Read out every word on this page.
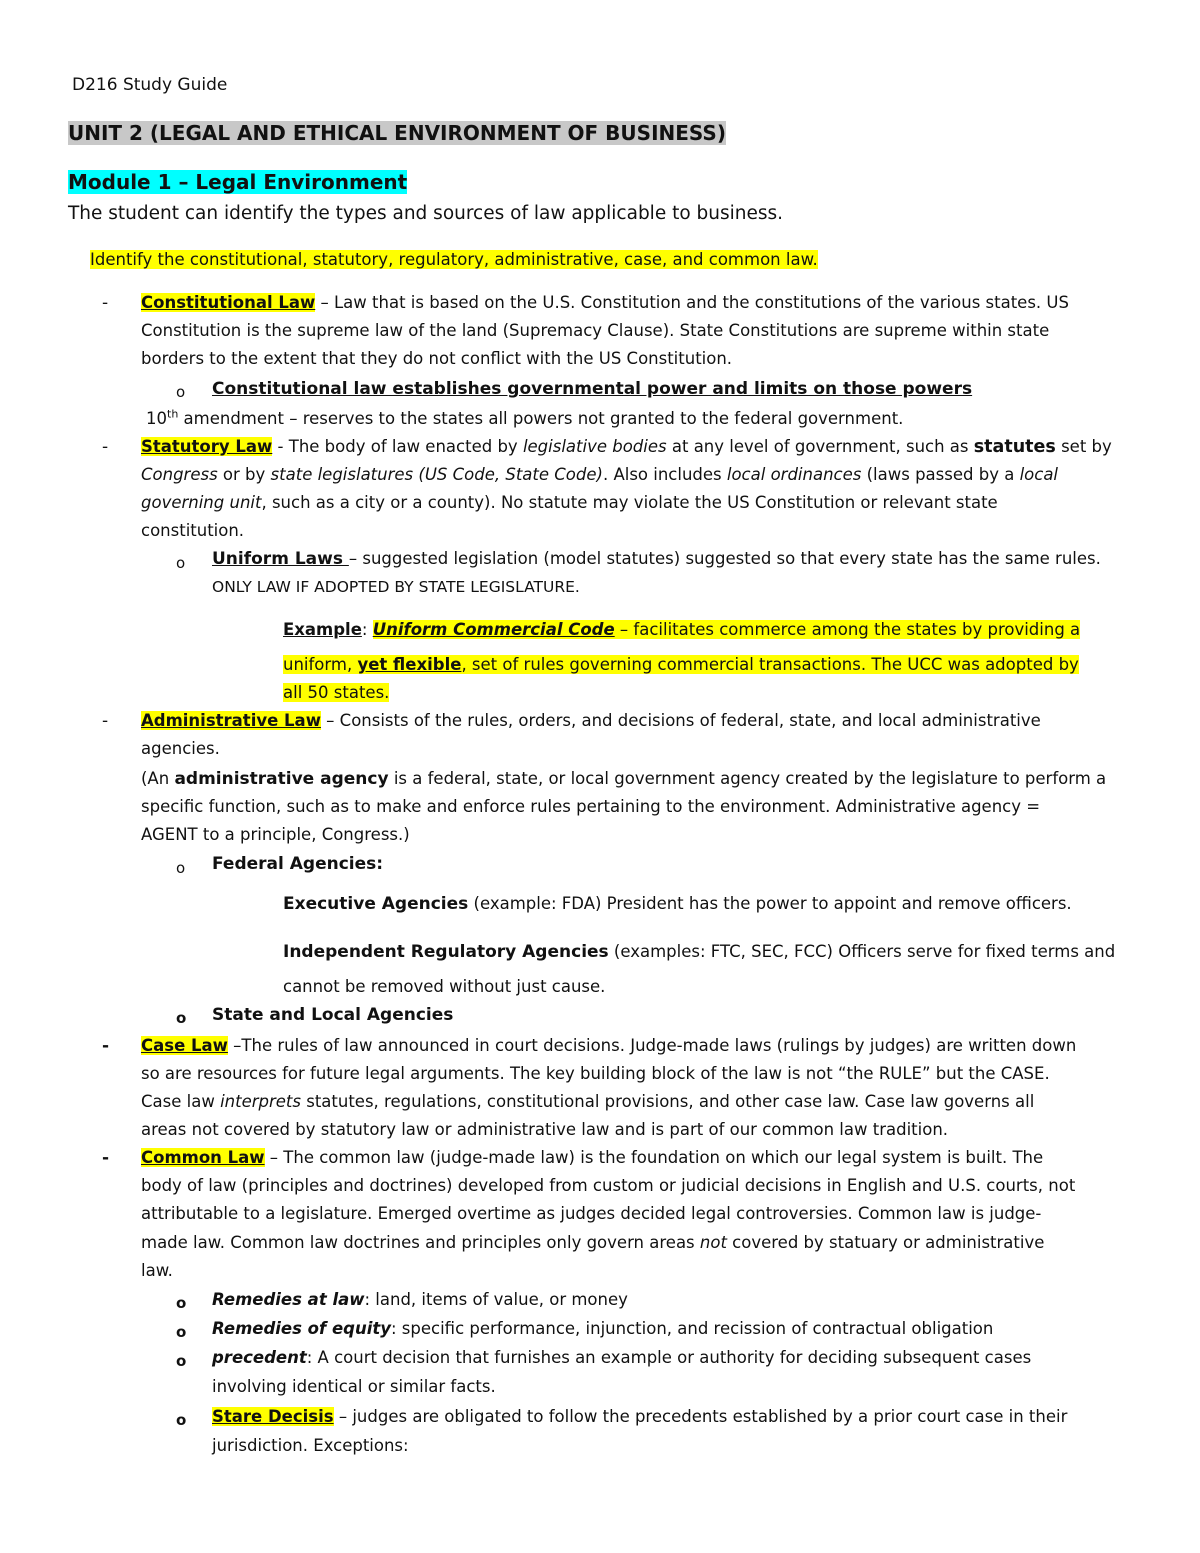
D216 Study Guide
UNIT 2 (LEGAL AND ETHICAL ENVIRONMENT OF BUSINESS)
Module 1 – Legal Environment
The student can identify the types and sources of law applicable to business.
Identify the constitutional, statutory, regulatory, administrative, case, and common law.
- Constitutional Law – Law that is based on the U.S. Constitution and the constitutions of the various states. US
Constitution is the supreme law of the land (Supremacy Clause). State Constitutions are supreme within state
borders to the extent that they do not conflict with the US Constitution.
o Constitutional law establishes governmental power and limits on those powers
10th amendment – reserves to the states all powers not granted to the federal government.
- Statutory Law - The body of law enacted by legislative bodies at any level of government, such as statutes set by
Congress or by state legislatures (US Code, State Code). Also includes local ordinances (laws passed by a local
governing unit, such as a city or a county). No statute may violate the US Constitution or relevant state
constitution.
o Uniform Laws – suggested legislation (model statutes) suggested so that every state has the same rules.
ONLY LAW IF ADOPTED BY STATE LEGISLATURE.
Example: Uniform Commercial Code – facilitates commerce among the states by providing a
uniform, yet flexible, set of rules governing commercial transactions. The UCC was adopted by
all 50 states.
- Administrative Law – Consists of the rules, orders, and decisions of federal, state, and local administrative
agencies.
(An administrative agency is a federal, state, or local government agency created by the legislature to perform a
specific function, such as to make and enforce rules pertaining to the environment. Administrative agency =
AGENT to a principle, Congress.)
o Federal Agencies:
Executive Agencies (example: FDA) President has the power to appoint and remove officers.
Independent Regulatory Agencies (examples: FTC, SEC, FCC) Officers serve for fixed terms and
cannot be removed without just cause.
o State and Local Agencies
- Case Law –The rules of law announced in court decisions. Judge-made laws (rulings by judges) are written down
so are resources for future legal arguments. The key building block of the law is not “the RULE” but the CASE.
Case law interprets statutes, regulations, constitutional provisions, and other case law. Case law governs all
areas not covered by statutory law or administrative law and is part of our common law tradition.
- Common Law – The common law (judge-made law) is the foundation on which our legal system is built. The
body of law (principles and doctrines) developed from custom or judicial decisions in English and U.S. courts, not
attributable to a legislature. Emerged overtime as judges decided legal controversies. Common law is judge-
made law. Common law doctrines and principles only govern areas not covered by statuary or administrative
law.
o Remedies at law: land, items of value, or money
o Remedies of equity: specific performance, injunction, and recission of contractual obligation
o precedent: A court decision that furnishes an example or authority for deciding subsequent cases
involving identical or similar facts.
o Stare Decisis – judges are obligated to follow the precedents established by a prior court case in their
jurisdiction. Exceptions:
